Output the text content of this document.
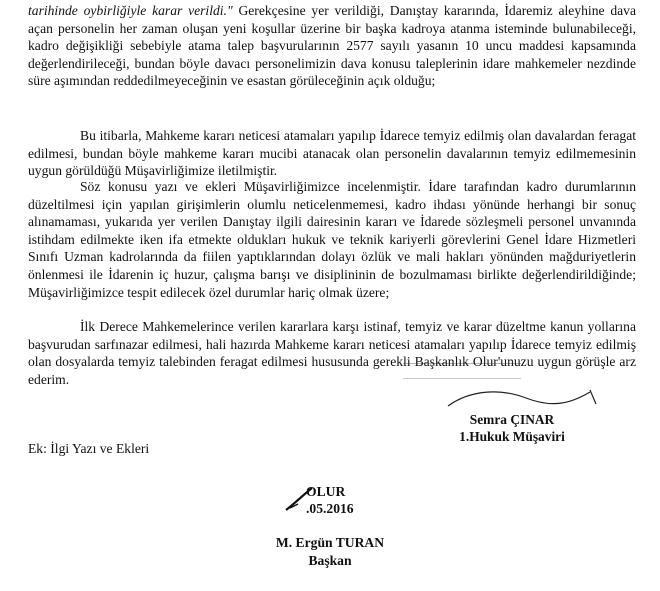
tarihinde oybirliğiyle karar verildi." Gerekçesine yer verildiği, Danıştay kararında, İdaremiz aleyhine dava açan personelin her zaman oluşan yeni koşullar üzerine bir başka kadroya atanma isteminde bulunabileceği, kadro değişikliği sebebiyle atama talep başvurularının 2577 sayılı yasanın 10 uncu maddesi kapsamında değerlendirileceği, bundan böyle davacı personelimizin dava konusu taleplerinin idare mahkemeler nezdinde süre aşımından reddedilmeyeceğinin ve esastan görüleceğinin açık olduğu;

Bu itibarla, Mahkeme kararı neticesi atamaları yapılıp İdarece temyiz edilmiş olan davalardan feragat edilmesi, bundan böyle mahkeme kararı mucibi atanacak olan personelin davalarının temyiz edilmemesinin uygun görüldüğü Müşavirliğimize iletilmiştir.

Söz konusu yazı ve ekleri Müşavirliğimizce incelenmiştir. İdare tarafından kadro durumlarının düzeltilmesi için yapılan girişimlerin olumlu neticelenmemesi, kadro ihdası yönünde herhangi bir sonuç alınamaması, yukarıda yer verilen Danıştay ilgili dairesinin kararı ve İdarede sözleşmeli personel unvanında istihdam edilmekte iken ifa etmekte oldukları hukuk ve teknik kariyerli görevlerini Genel İdare Hizmetleri Sınıfı Uzman kadrolarında da fiilen yaptıklarından dolayı özlük ve mali hakları yönünden mağduriyetlerin önlenmesi ile İdarenin iç huzur, çalışma barışı ve disiplininin de bozulmaması birlikte değerlendirildiğinde; Müşavirliğimizce tespit edilecek özel durumlar hariç olmak üzere;

İlk Derece Mahkemelerince verilen kararlara karşı istinaf, temyiz ve karar düzeltme kanun yollarına başvurudan sarfınazar edilmesi, hali hazırda Mahkeme kararı neticesi atamaları yapılıp İdarece temyiz edilmiş olan dosyalarda temyiz talebinden feragat edilmesi hususunda gerekli Başkanlık Olur'unuzu uygun görüşle arz ederim.

Semra ÇINAR
1.Hukuk Müşaviri
Ek: İlgi Yazı ve Ekleri
OLUR
.05.2016
M. Ergün TURAN
Başkan
